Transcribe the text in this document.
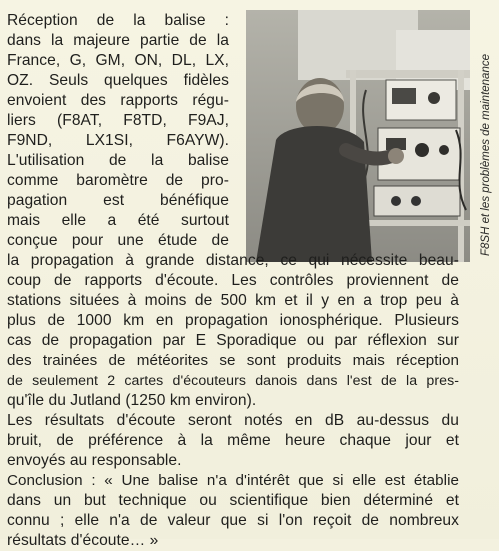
F8SH et les problèmes de maintenance
Réception de la balise :
dans la majeure partie de la
France, G, GM, ON, DL, LX,
OZ. Seuls quelques fidèles
envoient des rapports régu-
liers (F8AT, F8TD, F9AJ,
F9ND, LX1SI, F6AYW).
L'utilisation de la balise
comme baromètre de pro-
pagation est bénéfique
mais elle a été surtout
conçue pour une étude de
la propagation à grande distance, ce qui nécessite beau-
coup de rapports d'écoute. Les contrôles proviennent de
stations situées à moins de 500 km et il y en a trop peu à
plus de 1000 km en propagation ionosphérique. Plusieurs
cas de propagation par E Sporadique ou par réflexion sur
des trainées de météorites se sont produits mais réception
de seulement 2 cartes d'écouteurs danois dans l'est de la pres-
qu'île du Jutland (1250 km environ).
Les résultats d'écoute seront notés en dB au-dessus du
bruit, de préférence à la même heure chaque jour et
envoyés au responsable.
Conclusion : « Une balise n'a d'intérêt que si elle est établie
dans un but technique ou scientifique bien déterminé et
connu ; elle n'a de valeur que si l'on reçoit de nombreux
résultats d'écoute… »
